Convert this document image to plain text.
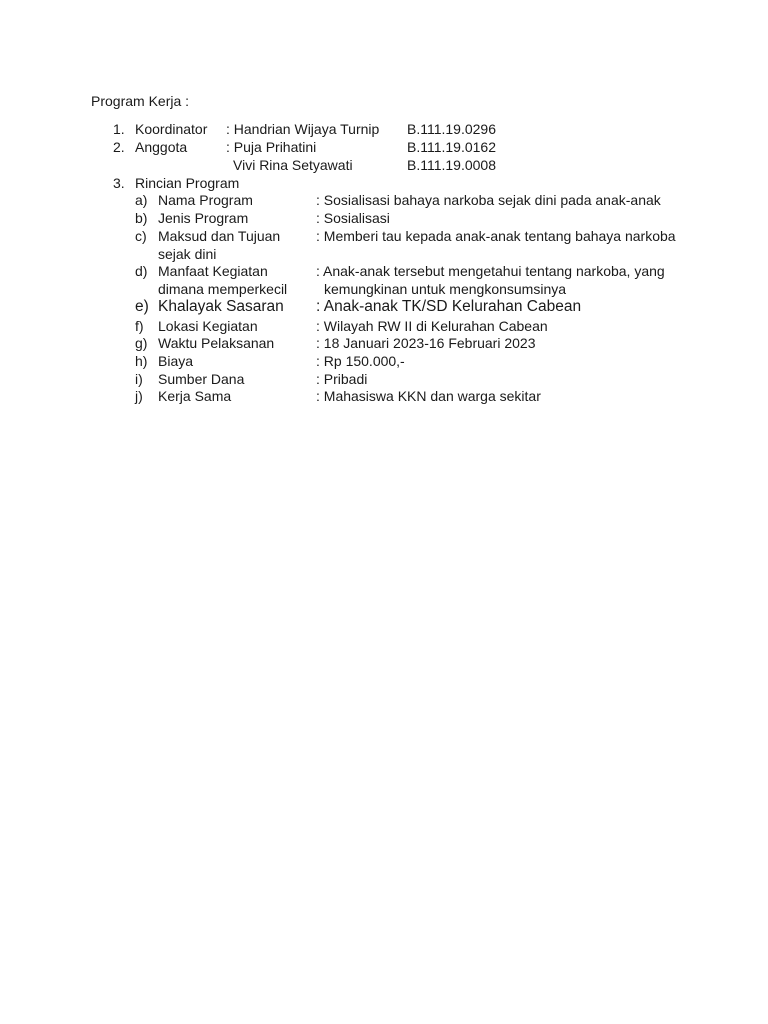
Program Kerja :
1. Koordinator : Handrian Wijaya Turnip B.111.19.0296
2. Anggota	: Puja Prihatini	B.111.19.0162
Vivi Rina Setyawati	B.111.19.0008
3. Rincian Program
a) Nama Program	: Sosialisasi bahaya narkoba sejak dini pada anak-anak
b) Jenis Program	: Sosialisasi
c) Maksud dan Tujuan	: Memberi tau kepada anak-anak tentang bahaya narkoba
sejak dini
d) Manfaat Kegiatan	: Anak-anak tersebut mengetahui tentang narkoba, yang
dimana memperkecil	kemungkinan untuk mengkonsumsinya
e) Khalayak Sasaran : Anak-anak TK/SD Kelurahan Cabean
f) Lokasi Kegiatan	: Wilayah RW II di Kelurahan Cabean
g) Waktu Pelaksanan	: 18 Januari 2023-16 Februari 2023
h) Biaya	: Rp 150.000,-
i) Sumber Dana	: Pribadi
j) Kerja Sama	: Mahasiswa KKN dan warga sekitar
